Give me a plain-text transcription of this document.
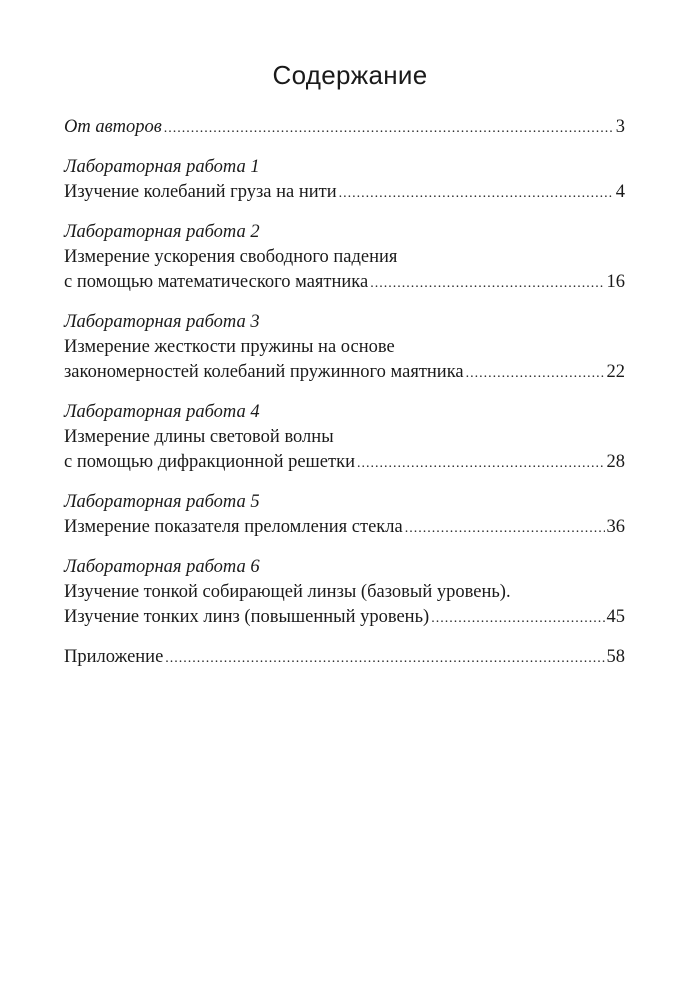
Содержание
От авторов .....	3
Лабораторная работа 1
Изучение колебаний груза на нити .....	4
Лабораторная работа 2
Измерение ускорения свободного падения
с помощью математического маятника .....	16
Лабораторная работа 3
Измерение жесткости пружины на основе
закономерностей колебаний пружинного маятника .....	22
Лабораторная работа 4
Измерение длины световой волны
с помощью дифракционной решетки .....	28
Лабораторная работа 5
Измерение показателя преломления стекла .....	36
Лабораторная работа 6
Изучение тонкой собирающей линзы (базовый уровень).
Изучение тонких линз (повышенный уровень) .....	45
Приложение .....	58
